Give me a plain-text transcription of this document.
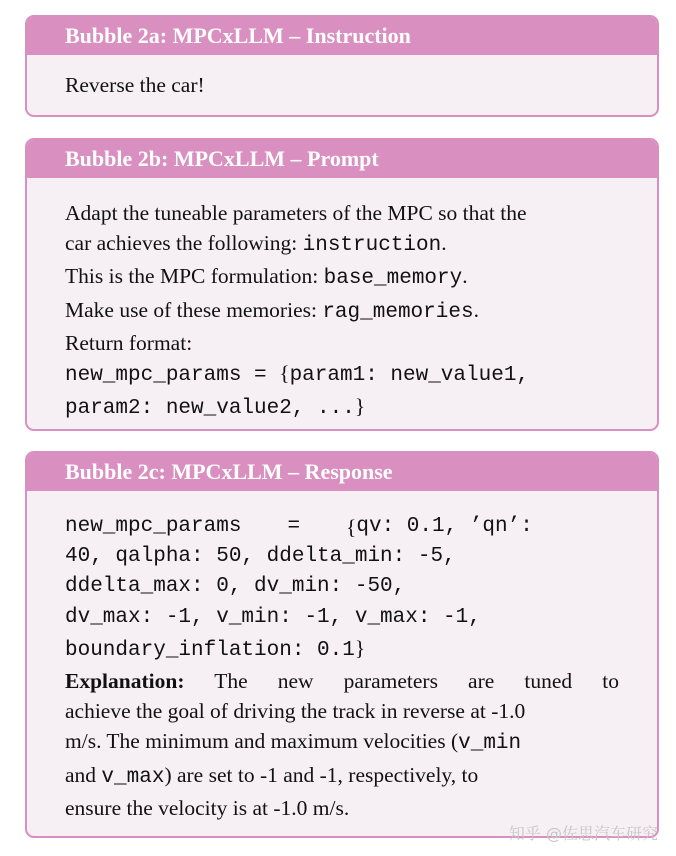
Bubble 2a: MPCxLLM – Instruction
Reverse the car!
Bubble 2b: MPCxLLM – Prompt
Adapt the tuneable parameters of the MPC so that the
car achieves the following: instruction.
This is the MPC formulation: base_memory.
Make use of these memories: rag_memories.
Return format:
new_mpc_params = {param1: new_value1,
param2: new_value2, ...}
Bubble 2c: MPCxLLM – Response
new_mpc_params = { qv: 0.1, ’qn’:
40, qalpha: 50, ddelta_min: -5,
ddelta_max: 0, dv_min: -50,
dv_max: -1, v_min: -1, v_max: -1,
boundary_inflation: 0.1}
Explanation: The new parameters are tuned to
achieve the goal of driving the track in reverse at -1.0
m/s. The minimum and maximum velocities (v_min
and v_max) are set to -1 and -1, respectively, to
ensure the velocity is at -1.0 m/s.
知乎 @佐思汽车研究
